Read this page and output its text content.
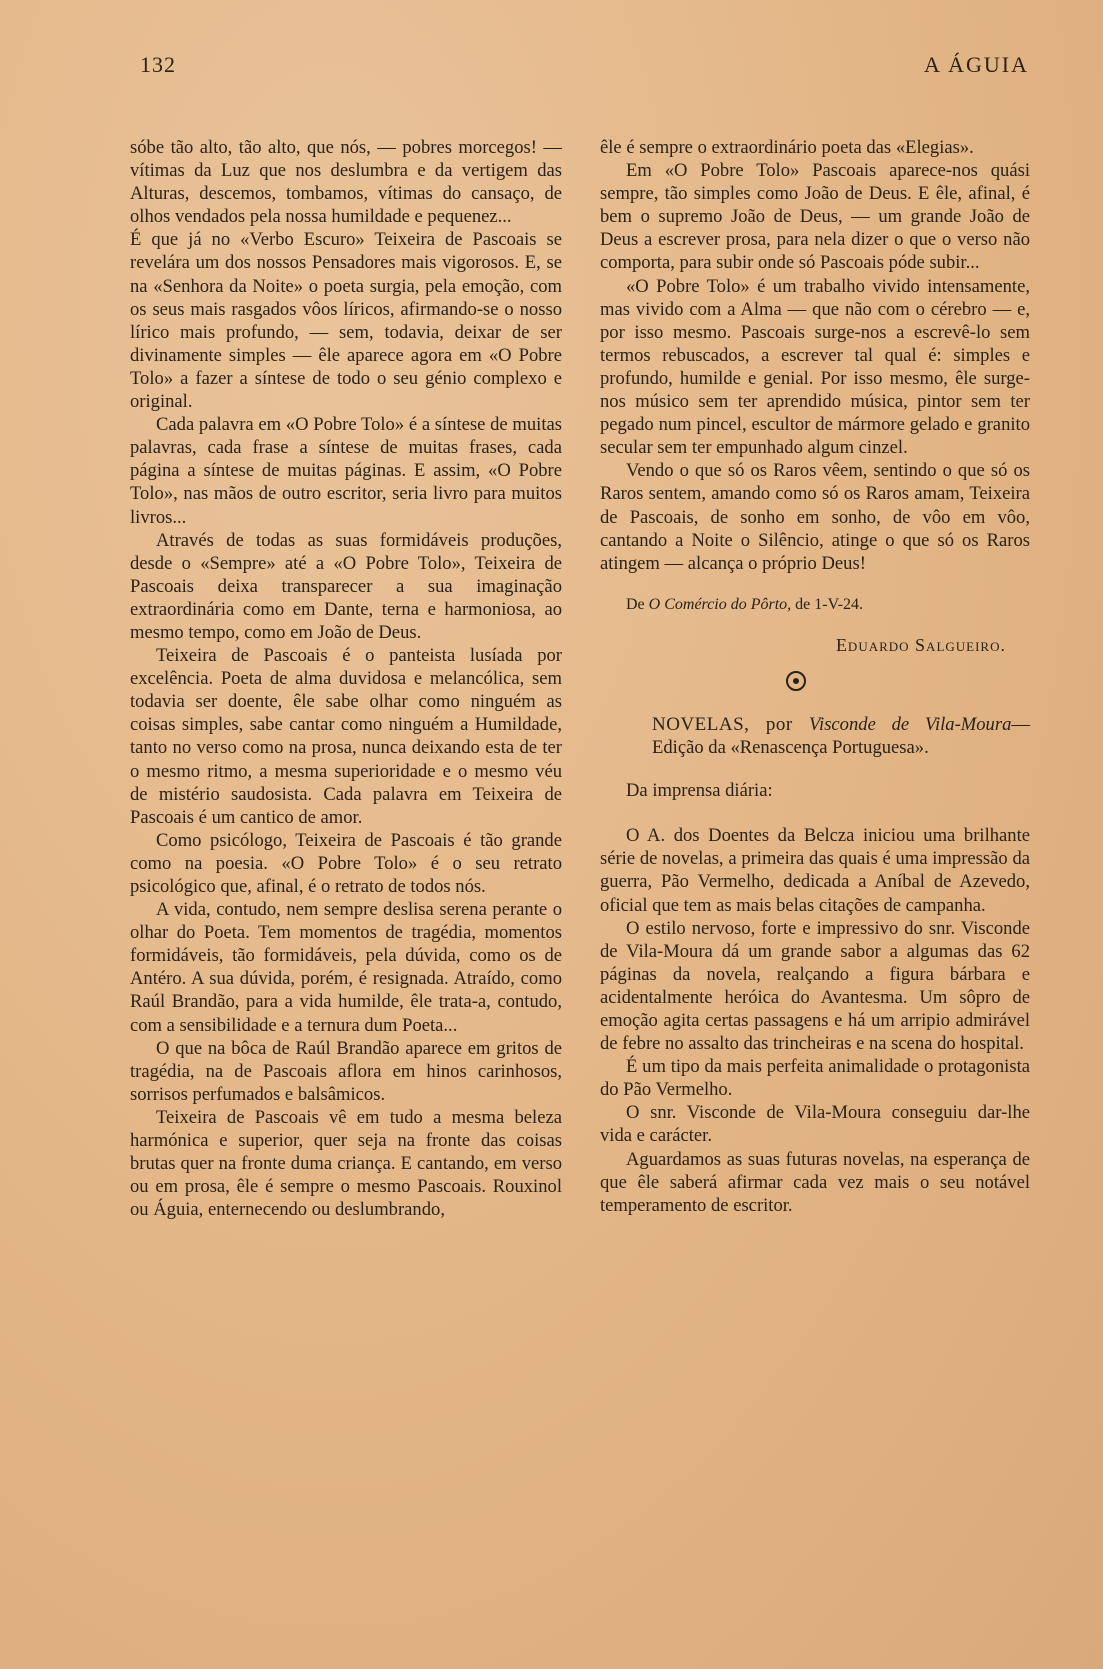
132	A ÁGUIA

sóbe tão alto, tão alto, que nós, — pobres morcegos! — vítimas da Luz que nos deslumbra e da vertigem das Alturas, descemos, tombamos, vítimas do cansaço, de olhos vendados pela nossa humildade e pequenez...

É que já no «Verbo Escuro» Teixeira de Pascoais se revelára um dos nossos Pensadores mais vigorosos. E, se na «Senhora da Noite» o poeta surgia, pela emoção, com os seus mais rasgados vôos líricos, afirmando-se o nosso lírico mais profundo, — sem, todavia, deixar de ser divinamente simples — êle aparece agora em «O Pobre Tolo» a fazer a síntese de todo o seu génio complexo e original.

Cada palavra em «O Pobre Tolo» é a síntese de muitas palavras, cada frase a síntese de muitas frases, cada página a síntese de muitas páginas. E assim, «O Pobre Tolo», nas mãos de outro escritor, seria livro para muitos livros...

Através de todas as suas formidáveis produções, desde o «Sempre» até a «O Pobre Tolo», Teixeira de Pascoais deixa transparecer a sua imaginação extraordinária como em Dante, terna e harmoniosa, ao mesmo tempo, como em João de Deus.

Teixeira de Pascoais é o panteista lusíada por excelência. Poeta de alma duvidosa e melancólica, sem todavia ser doente, êle sabe olhar como ninguém as coisas simples, sabe cantar como ninguém a Humildade, tanto no verso como na prosa, nunca deixando esta de ter o mesmo ritmo, a mesma superioridade e o mesmo véu de mistério saudosista. Cada palavra em Teixeira de Pascoais é um cantico de amor.

Como psicólogo, Teixeira de Pascoais é tão grande como na poesia. «O Pobre Tolo» é o seu retrato psicológico que, afinal, é o retrato de todos nós.

A vida, contudo, nem sempre deslisa serena perante o olhar do Poeta. Tem momentos de tragédia, momentos formidáveis, tão formidáveis, pela dúvida, como os de Antéro. A sua dúvida, porém, é resignada. Atraído, como Raúl Brandão, para a vida humilde, êle trata-a, contudo, com a sensibilidade e a ternura dum Poeta...

O que na bôca de Raúl Brandão aparece em gritos de tragédia, na de Pascoais aflora em hinos carinhosos, sorrisos perfumados e balsâmicos.

Teixeira de Pascoais vê em tudo a mesma beleza harmónica e superior, quer seja na fronte das coisas brutas quer na fronte duma criança. E cantando, em verso ou em prosa, êle é sempre o mesmo Pascoais. Rouxinol ou Águia, enternecendo ou deslumbrando,

êle é sempre o extraordinário poeta das «Elegias».

Em «O Pobre Tolo» Pascoais aparece-nos quási sempre, tão simples como João de Deus. E êle, afinal, é bem o supremo João de Deus, — um grande João de Deus a escrever prosa, para nela dizer o que o verso não comporta, para subir onde só Pascoais póde subir...

«O Pobre Tolo» é um trabalho vivido intensamente, mas vivido com a Alma — que não com o cérebro — e, por isso mesmo. Pascoais surge-nos a escrevê-lo sem termos rebuscados, a escrever tal qual é: simples e profundo, humilde e genial. Por isso mesmo, êle surge-nos músico sem ter aprendido música, pintor sem ter pegado num pincel, escultor de mármore gelado e granito secular sem ter empunhado algum cinzel.

Vendo o que só os Raros vêem, sentindo o que só os Raros sentem, amando como só os Raros amam, Teixeira de Pascoais, de sonho em sonho, de vôo em vôo, cantando a Noite o Silêncio, atinge o que só os Raros atingem — alcança o próprio Deus!

De O Comércio do Pôrto, de 1-V-24.

Eduardo Salgueiro.

NOVELAS, por Visconde de Vila-Moura—Edição da «Renascença Portuguesa».

Da imprensa diária:

O A. dos Doentes da Belcza iniciou uma brilhante série de novelas, a primeira das quais é uma impressão da guerra, Pão Vermelho, dedicada a Aníbal de Azevedo, oficial que tem as mais belas citações de campanha.

O estilo nervoso, forte e impressivo do snr. Visconde de Vila-Moura dá um grande sabor a algumas das 62 páginas da novela, realçando a figura bárbara e acidentalmente heróica do Avantesma. Um sôpro de emoção agita certas passagens e há um arripio admirável de febre no assalto das trincheiras e na scena do hospital.

É um tipo da mais perfeita animalidade o protagonista do Pão Vermelho.

O snr. Visconde de Vila-Moura conseguiu dar-lhe vida e carácter.

Aguardamos as suas futuras novelas, na esperança de que êle saberá afirmar cada vez mais o seu notável temperamento de escritor.
